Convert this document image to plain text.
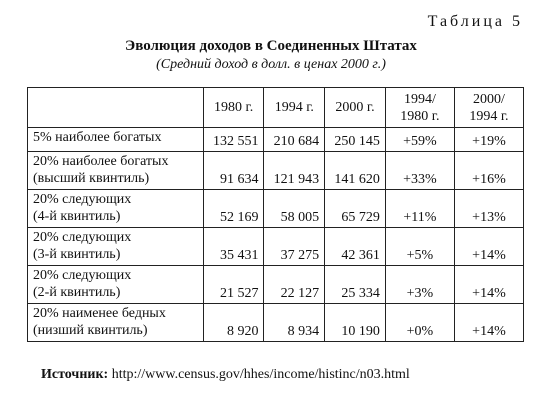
Таблица 5
Эволюция доходов в Соединенных Штатах
(Средний доход в долл. в ценах 2000 г.)
	1980 г.	1994 г.	2000 г.	1994/ 1980 г.	2000/ 1994 г.
5% наиболее богатых	132 551	210 684	250 145	+59%	+19%
20% наиболее богатых
(высший квинтиль)	91 634	121 943	141 620	+33%	+16%
20% следующих
(4-й квинтиль)	52 169	58 005	65 729	+11%	+13%
20% следующих
(3-й квинтиль)	35 431	37 275	42 361	+5%	+14%
20% следующих
(2-й квинтиль)	21 527	22 127	25 334	+3%	+14%
20% наименее бедных
(низший квинтиль)	8 920	8 934	10 190	+0%	+14%
Источник: http://www.census.gov/hhes/income/histinc/n03.html
